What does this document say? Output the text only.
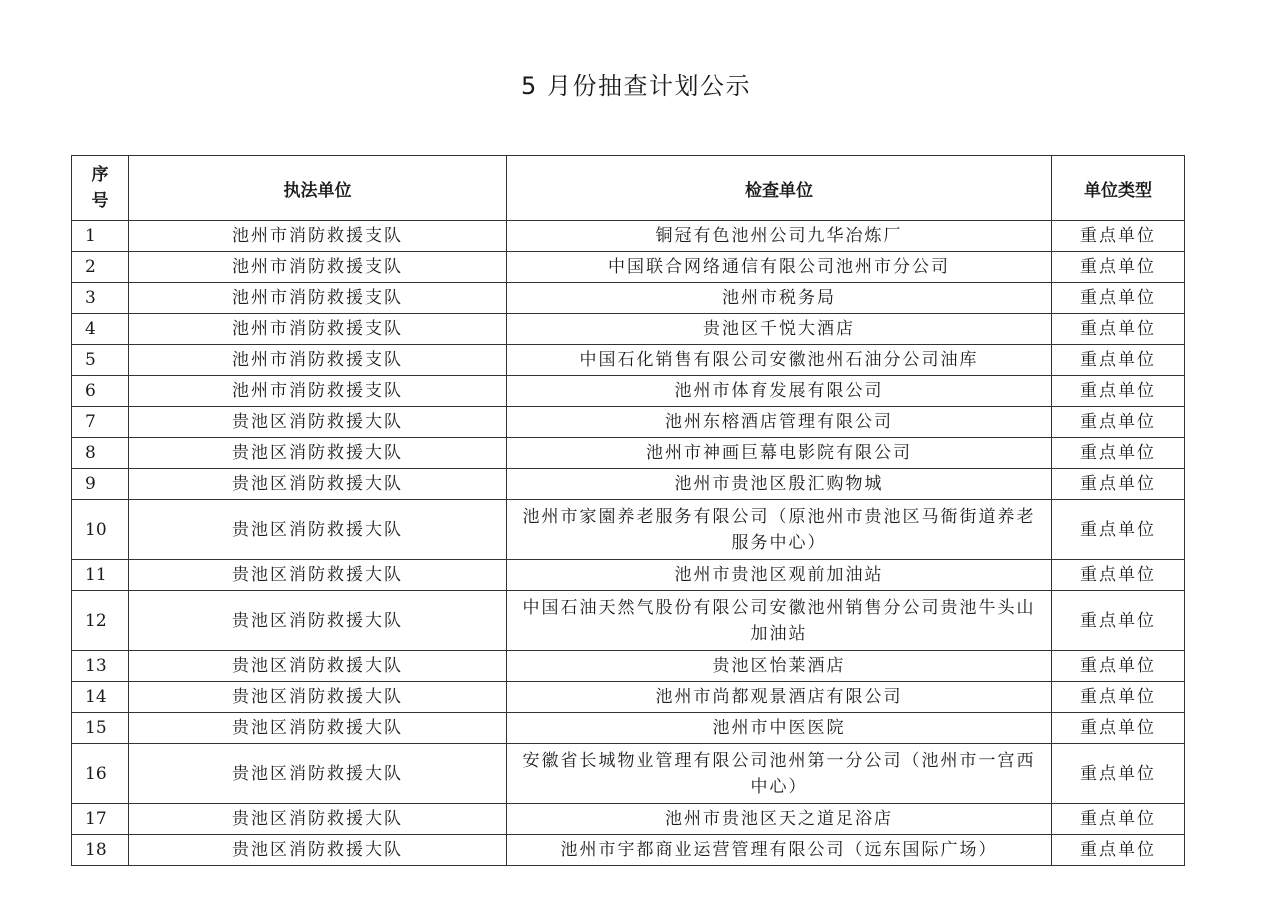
5 月份抽查计划公示
序
号	执法单位	检查单位	单位类型
1	池州市消防救援支队	铜冠有色池州公司九华冶炼厂	重点单位
2	池州市消防救援支队	中国联合网络通信有限公司池州市分公司	重点单位
3	池州市消防救援支队	池州市税务局	重点单位
4	池州市消防救援支队	贵池区千悦大酒店	重点单位
5	池州市消防救援支队	中国石化销售有限公司安徽池州石油分公司油库	重点单位
6	池州市消防救援支队	池州市体育发展有限公司	重点单位
7	贵池区消防救援大队	池州东榕酒店管理有限公司	重点单位
8	贵池区消防救援大队	池州市神画巨幕电影院有限公司	重点单位
9	贵池区消防救援大队	池州市贵池区殷汇购物城	重点单位
10	贵池区消防救援大队	池州市家園养老服务有限公司（原池州市贵池区马衙街道养老服务中心）	重点单位
11	贵池区消防救援大队	池州市贵池区观前加油站	重点单位
12	贵池区消防救援大队	中国石油天然气股份有限公司安徽池州销售分公司贵池牛头山加油站	重点单位
13	贵池区消防救援大队	贵池区怡莱酒店	重点单位
14	贵池区消防救援大队	池州市尚都观景酒店有限公司	重点单位
15	贵池区消防救援大队	池州市中医医院	重点单位
16	贵池区消防救援大队	安徽省长城物业管理有限公司池州第一分公司（池州市一宫西中心）	重点单位
17	贵池区消防救援大队	池州市贵池区天之道足浴店	重点单位
18	贵池区消防救援大队	池州市宇都商业运营管理有限公司（远东国际广场）	重点单位
